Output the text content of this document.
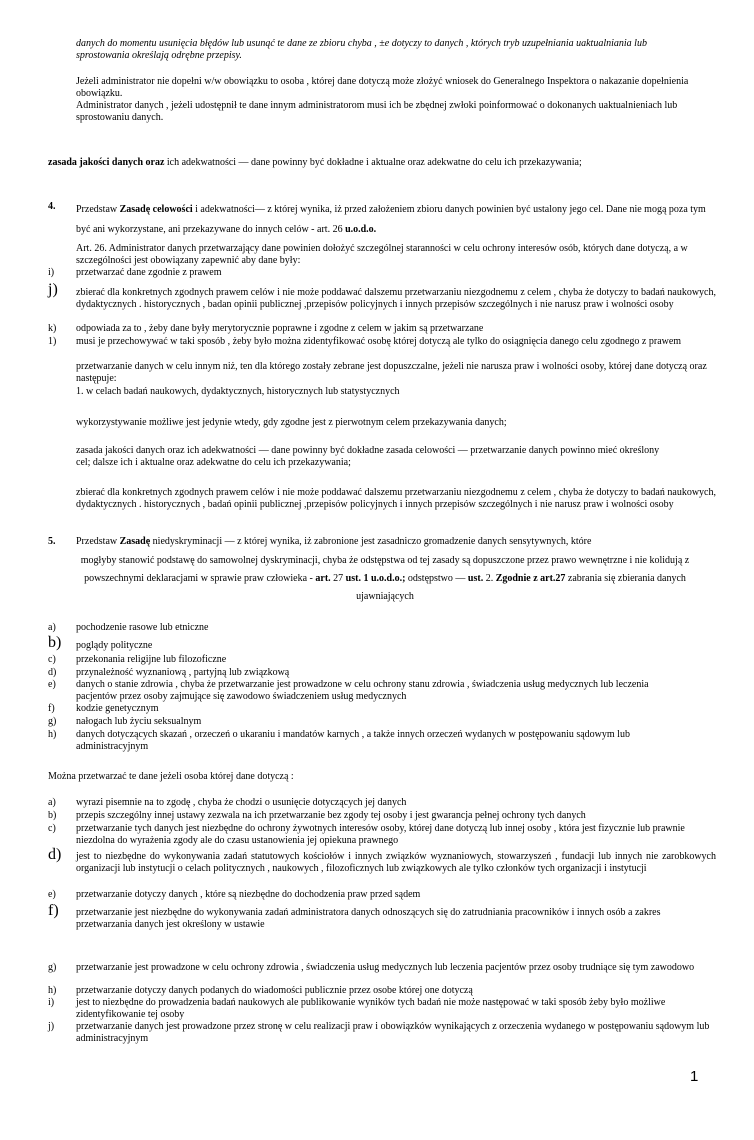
danych do momentu usunięcia błędów lub usunąć te dane ze zbioru chyba , ±e dotyczy to danych , których tryb uzupełniania uaktualniania lub sprostowania określają odrębne przepisy.

Jeżeli administrator nie dopełni w/w obowiązku to osoba , której dane dotyczą może złożyć wniosek do Generalnego Inspektora o nakazanie dopełnienia obowiązku.

Administrator danych , jeżeli udostępnił te dane innym administratorom musi ich be zbędnej zwłoki poinformować o dokonanych uaktualnieniach lub sprostowaniu danych.

zasada jakości danych oraz ich adekwatności — dane powinny być dokładne i aktualne oraz adekwatne do celu ich przekazywania;

4. Przedstaw Zasadę celowości i adekwatności— z której wynika, iż przed założeniem zbioru danych powinien być ustalony jego cel. Dane nie mogą poza tym być ani wykorzystane, ani przekazywane do innych celów - art. 26 u.o.d.o.

Art. 26. Administrator danych przetwarzający dane powinien dołożyć szczególnej staranności w celu ochrony interesów osób, których dane dotyczą, a w szczególności jest obowiązany zapewnić aby dane były:

i) przetwarzać dane zgodnie z prawem

j) zbierać dla konkretnych zgodnych prawem celów i nie może poddawać dalszemu przetwarzaniu niezgodnemu z celem , chyba że dotyczy to badań naukowych, dydaktycznych . historycznych , badan opinii publicznej ,przepisów policyjnych i innych przepisów szczególnych i nie narusz praw i wolności osoby

k) odpowiada za to , żeby dane były merytorycznie poprawne i zgodne z celem w jakim są przetwarzane

1) musi je przechowywać w taki sposób , żeby było można zidentyfikować osobę której dotyczą ale tylko do osiągnięcia danego celu zgodnego z prawem

przetwarzanie danych w celu innym niż, ten dla którego zostały zebrane jest dopuszczalne, jeżeli nie narusza praw i wolności osoby, której dane dotyczą oraz następuje:

1. w celach badań naukowych, dydaktycznych, historycznych lub statystycznych

wykorzystywanie możliwe jest jedynie wtedy, gdy zgodne jest z pierwotnym celem przekazywania danych;

zasada jakości danych oraz ich adekwatności — dane powinny być dokładne zasada celowości — przetwarzanie danych powinno mieć określony

cel; dalsze ich i aktualne oraz adekwatne do celu ich przekazywania;

zbierać dla konkretnych zgodnych prawem celów i nie może poddawać dalszemu przetwarzaniu niezgodnemu z celem , chyba że dotyczy to badań naukowych, dydaktycznych . historycznych , badań opinii publicznej ,przepisów policyjnych i innych przepisów szczególnych i nie narusz praw i wolności osoby

5. Przedstaw Zasadę niedyskryminacji — z której wynika, iż zabronione jest zasadniczo gromadzenie danych sensytywnych, które

mogłyby stanowić podstawę do samowolnej dyskryminacji, chyba że odstępstwa od tej zasady są dopuszczone przez prawo wewnętrzne i nie kolidują z

powszechnymi deklaracjami w sprawie praw człowieka - art. 27 ust. 1 u.o.d.o.; odstępstwo — ust. 2. Zgodnie z art.27 zabrania się zbierania danych

ujawniających

a) pochodzenie rasowe lub etniczne

b) poglądy polityczne

c) przekonania religijne lub filozoficzne

d) przynależność wyznaniową , partyjną lub związkową

e) danych o stanie zdrowia , chyba że przetwarzanie jest prowadzone w celu ochrony stanu zdrowia , świadczenia usług medycznych lub leczenia pacjentów przez osoby zajmujące się zawodowo świadczeniem usług medycznych

f) kodzie genetycznym

g) nałogach lub życiu seksualnym

h) danych dotyczących skazań , orzeczeń o ukaraniu i mandatów karnych , a także innych orzeczeń wydanych w postępowaniu sądowym lub administracyjnym

Można przetwarzać te dane jeżeli osoba której dane dotyczą :

a) wyrazi pisemnie na to zgodę , chyba że chodzi o usunięcie dotyczących jej danych

b) przepis szczególny innej ustawy zezwala na ich przetwarzanie bez zgody tej osoby i jest gwarancja pełnej ochrony tych danych

c) przetwarzanie tych danych jest niezbędne do ochrony żywotnych interesów osoby, której dane dotyczą lub innej osoby , która jest fizycznie lub prawnie niezdolna do wyrażenia zgody ale do czasu ustanowienia jej opiekuna prawnego

d) jest to niezbędne do wykonywania zadań statutowych kościołów i innych związków wyznaniowych, stowarzyszeń , fundacji lub innych nie zarobkowych organizacji lub instytucji o celach politycznych , naukowych , filozoficznych lub związkowych ale tylko członków tych organizacji i instytucji

e) przetwarzanie dotyczy danych , które są niezbędne do dochodzenia praw przed sądem

f) przetwarzanie jest niezbędne do wykonywania zadań administratora danych odnoszących się do zatrudniania pracowników i innych osób a zakres przetwarzania danych jest określony w ustawie

g) przetwarzanie jest prowadzone w celu ochrony zdrowia , świadczenia usług medycznych lub leczenia pacjentów przez osoby trudniące się tym zawodowo

h) przetwarzanie dotyczy danych podanych do wiadomości publicznie przez osobe której one dotyczą

i) jest to niezbędne do prowadzenia badań naukowych ale publikowanie wyników tych badań nie może następować w taki sposób żeby było możliwe zidentyfikowanie tej osoby

j) przetwarzanie danych jest prowadzone przez stronę w celu realizacji praw i obowiązków wynikających z orzeczenia wydanego w postępowaniu sądowym lub administracyjnym

1
